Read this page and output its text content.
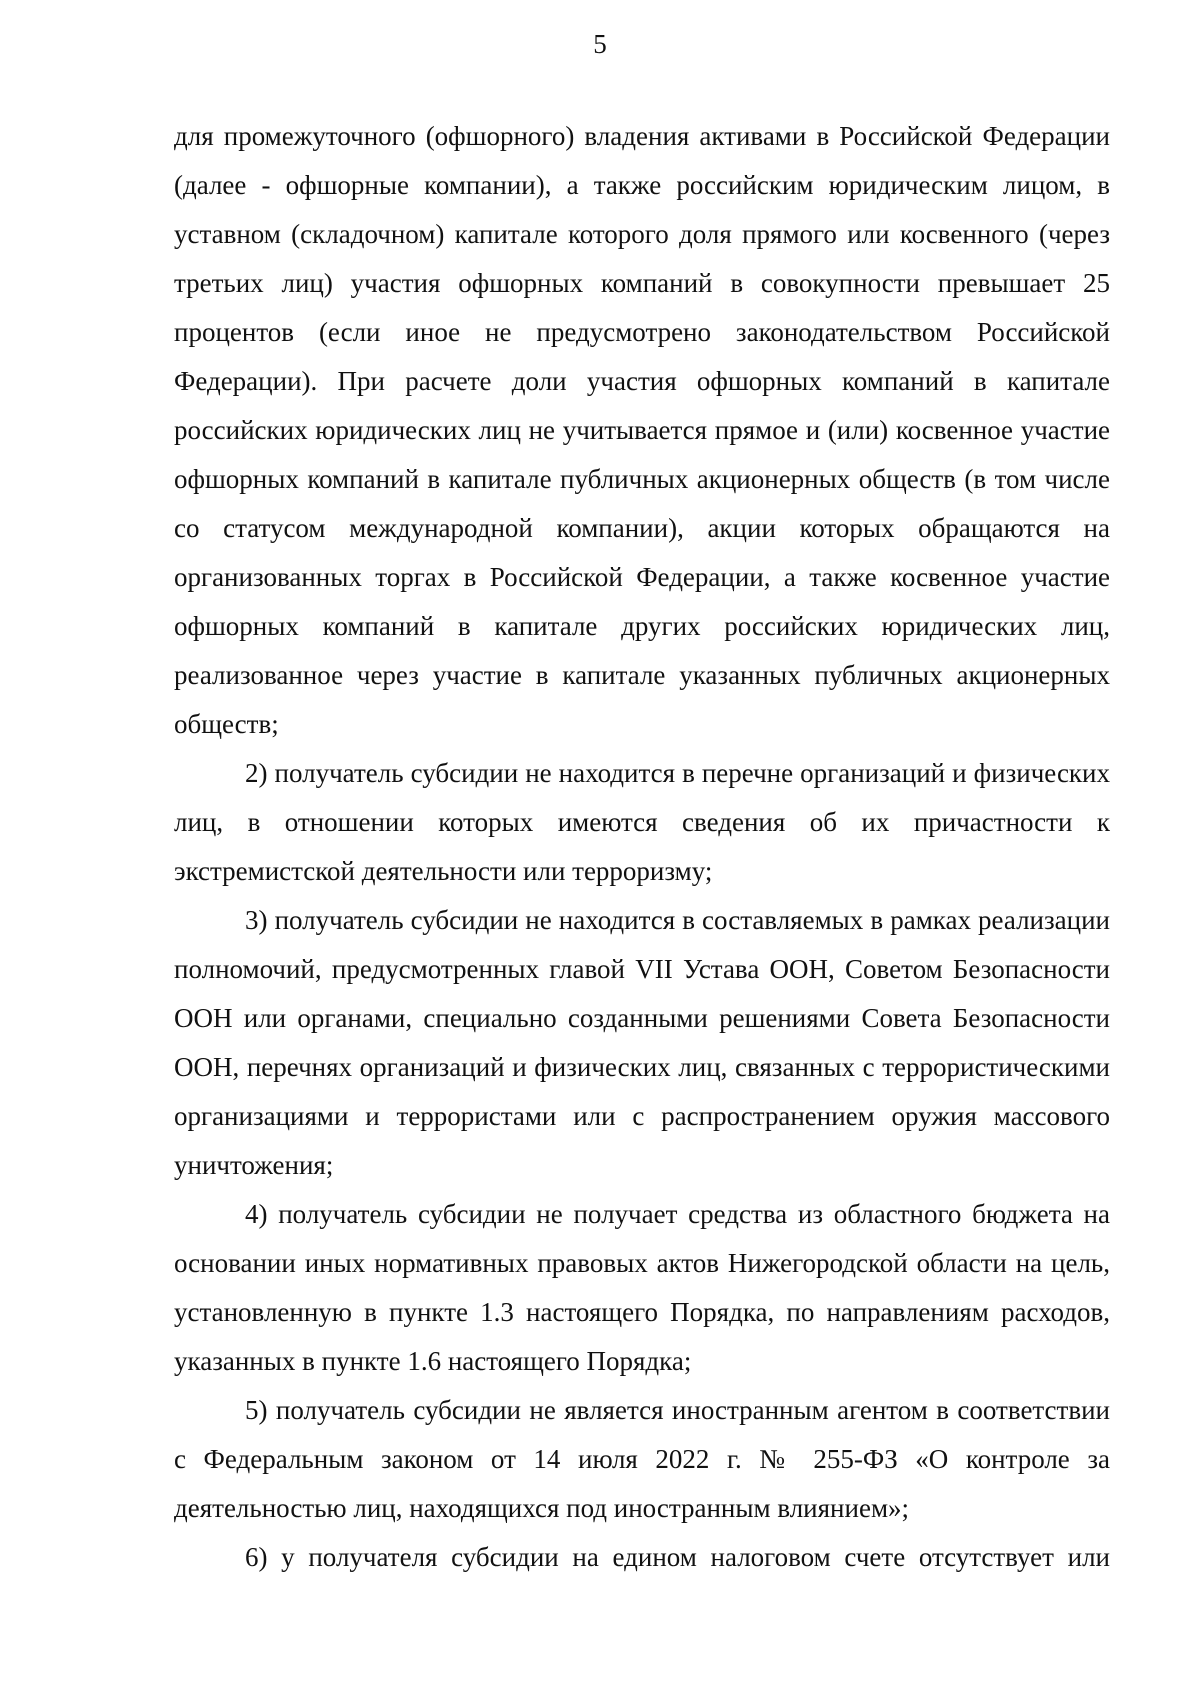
5

для промежуточного (офшорного) владения активами в Российской Федерации (далее - офшорные компании), а также российским юридическим лицом, в уставном (складочном) капитале которого доля прямого или косвенного (через третьих лиц) участия офшорных компаний в совокупности превышает 25 процентов (если иное не предусмотрено законодательством Российской Федерации). При расчете доли участия офшорных компаний в капитале российских юридических лиц не учитывается прямое и (или) косвенное участие офшорных компаний в капитале публичных акционерных обществ (в том числе со статусом международной компании), акции которых обращаются на организованных торгах в Российской Федерации, а также косвенное участие офшорных компаний в капитале других российских юридических лиц, реализованное через участие в капитале указанных публичных акционерных обществ;

2) получатель субсидии не находится в перечне организаций и физических лиц, в отношении которых имеются сведения об их причастности к экстремистской деятельности или терроризму;

3) получатель субсидии не находится в составляемых в рамках реализации полномочий, предусмотренных главой VII Устава ООН, Советом Безопасности ООН или органами, специально созданными решениями Совета Безопасности ООН, перечнях организаций и физических лиц, связанных с террористическими организациями и террористами или с распространением оружия массового уничтожения;

4) получатель субсидии не получает средства из областного бюджета на основании иных нормативных правовых актов Нижегородской области на цель, установленную в пункте 1.3 настоящего Порядка, по направлениям расходов, указанных в пункте 1.6 настоящего Порядка;

5) получатель субсидии не является иностранным агентом в соответствии с Федеральным законом от 14 июля 2022 г. № 255-ФЗ «О контроле за деятельностью лиц, находящихся под иностранным влиянием»;

6) у получателя субсидии на едином налоговом счете отсутствует или
